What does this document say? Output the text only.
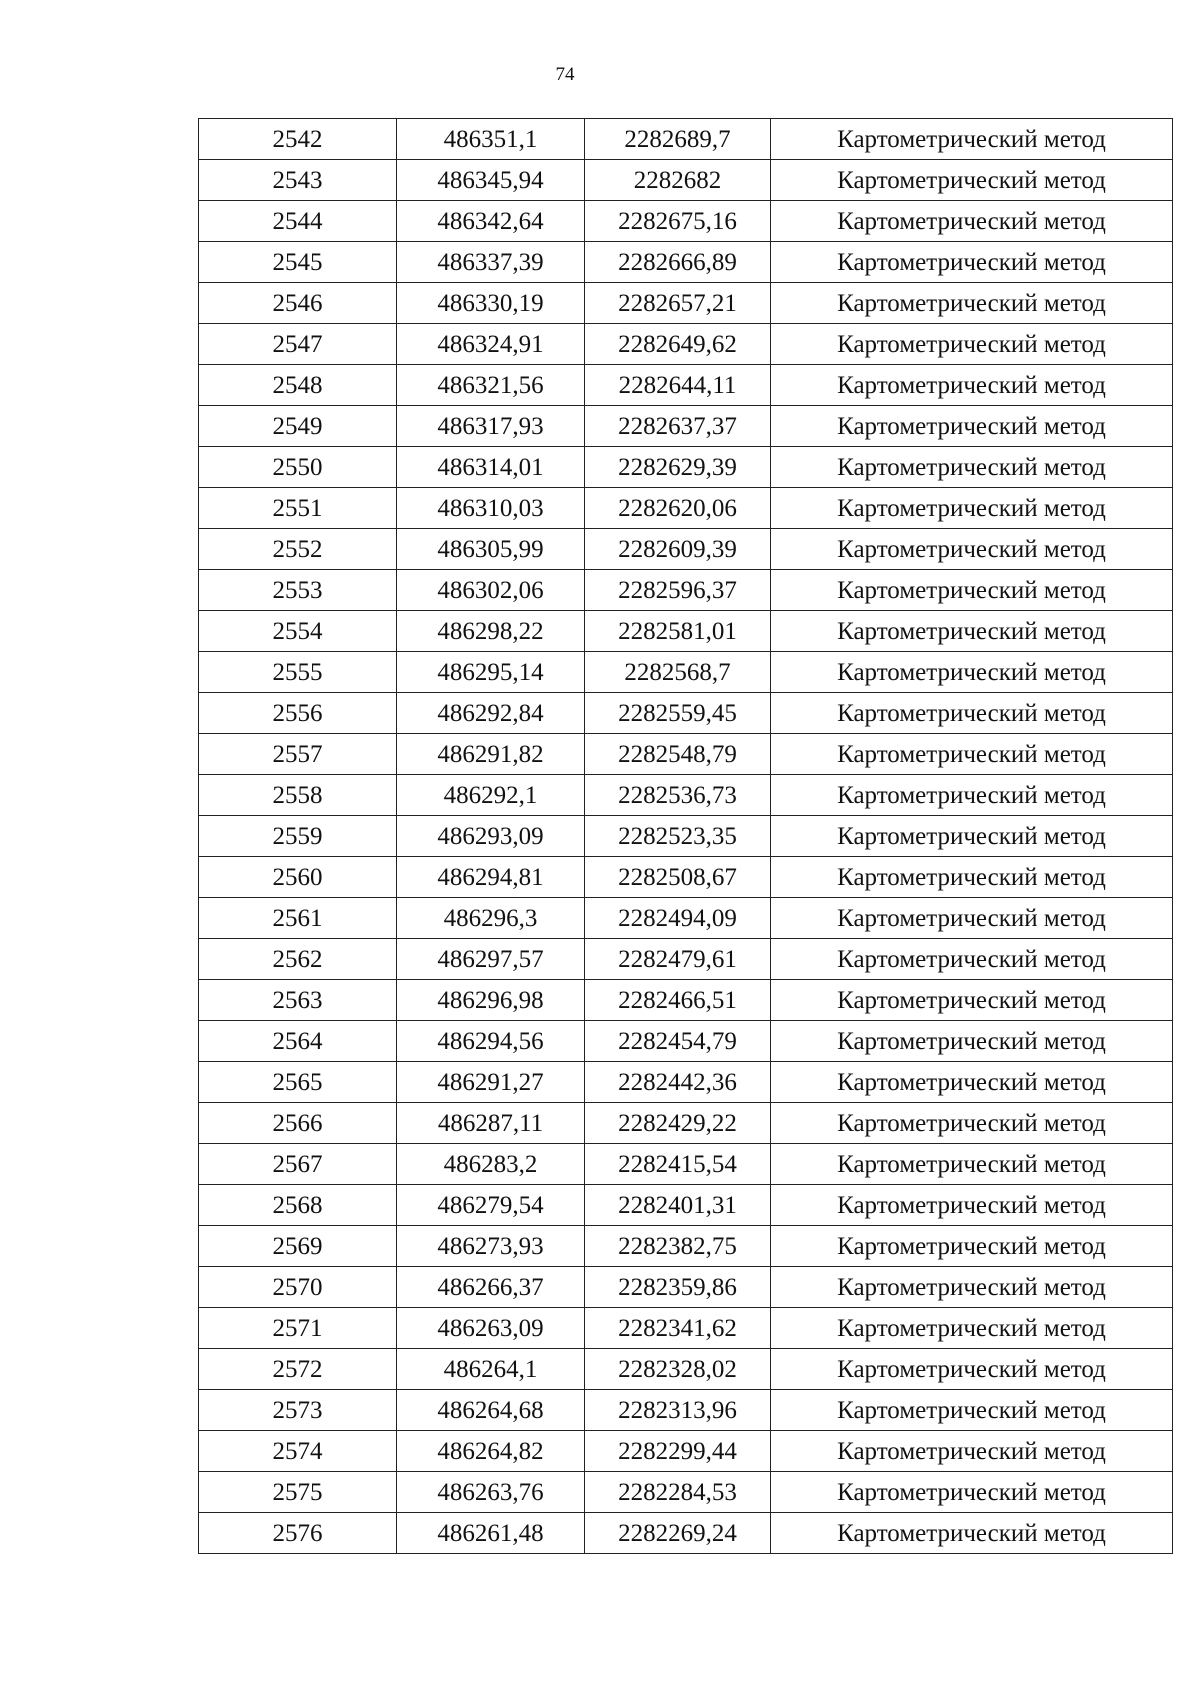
74
2542	486351,1	2282689,7	Картометрический метод
2543	486345,94	2282682	Картометрический метод
2544	486342,64	2282675,16	Картометрический метод
2545	486337,39	2282666,89	Картометрический метод
2546	486330,19	2282657,21	Картометрический метод
2547	486324,91	2282649,62	Картометрический метод
2548	486321,56	2282644,11	Картометрический метод
2549	486317,93	2282637,37	Картометрический метод
2550	486314,01	2282629,39	Картометрический метод
2551	486310,03	2282620,06	Картометрический метод
2552	486305,99	2282609,39	Картометрический метод
2553	486302,06	2282596,37	Картометрический метод
2554	486298,22	2282581,01	Картометрический метод
2555	486295,14	2282568,7	Картометрический метод
2556	486292,84	2282559,45	Картометрический метод
2557	486291,82	2282548,79	Картометрический метод
2558	486292,1	2282536,73	Картометрический метод
2559	486293,09	2282523,35	Картометрический метод
2560	486294,81	2282508,67	Картометрический метод
2561	486296,3	2282494,09	Картометрический метод
2562	486297,57	2282479,61	Картометрический метод
2563	486296,98	2282466,51	Картометрический метод
2564	486294,56	2282454,79	Картометрический метод
2565	486291,27	2282442,36	Картометрический метод
2566	486287,11	2282429,22	Картометрический метод
2567	486283,2	2282415,54	Картометрический метод
2568	486279,54	2282401,31	Картометрический метод
2569	486273,93	2282382,75	Картометрический метод
2570	486266,37	2282359,86	Картометрический метод
2571	486263,09	2282341,62	Картометрический метод
2572	486264,1	2282328,02	Картометрический метод
2573	486264,68	2282313,96	Картометрический метод
2574	486264,82	2282299,44	Картометрический метод
2575	486263,76	2282284,53	Картометрический метод
2576	486261,48	2282269,24	Картометрический метод
